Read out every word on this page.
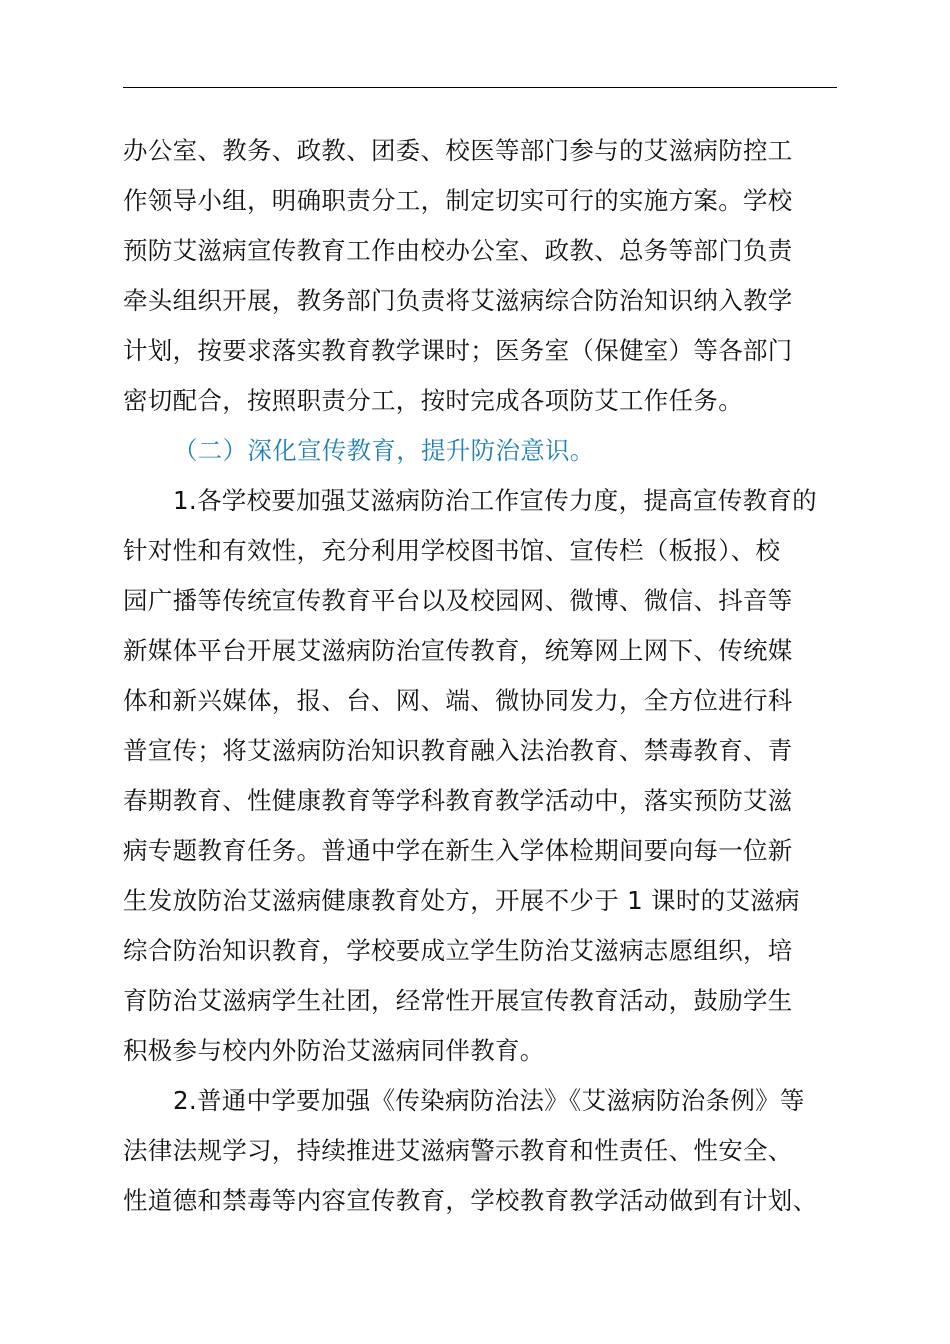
办公室、教务、政教、团委、校医等部门参与的艾滋病防控工
作领导小组，明确职责分工，制定切实可行的实施方案。学校
预防艾滋病宣传教育工作由校办公室、政教、总务等部门负责
牵头组织开展，教务部门负责将艾滋病综合防治知识纳入教学
计划，按要求落实教育教学课时；医务室（保健室）等各部门
密切配合，按照职责分工，按时完成各项防艾工作任务。
（二）深化宣传教育，提升防治意识。
1.各学校要加强艾滋病防治工作宣传力度，提高宣传教育的
针对性和有效性，充分利用学校图书馆、宣传栏（板报）、校
园广播等传统宣传教育平台以及校园网、微博、微信、抖音等
新媒体平台开展艾滋病防治宣传教育，统筹网上网下、传统媒
体和新兴媒体，报、台、网、端、微协同发力，全方位进行科
普宣传；将艾滋病防治知识教育融入法治教育、禁毒教育、青
春期教育、性健康教育等学科教育教学活动中，落实预防艾滋
病专题教育任务。普通中学在新生入学体检期间要向每一位新
生发放防治艾滋病健康教育处方，开展不少于 1 课时的艾滋病
综合防治知识教育，学校要成立学生防治艾滋病志愿组织，培
育防治艾滋病学生社团，经常性开展宣传教育活动，鼓励学生
积极参与校内外防治艾滋病同伴教育。
2.普通中学要加强《传染病防治法》《艾滋病防治条例》等
法律法规学习，持续推进艾滋病警示教育和性责任、性安全、
性道德和禁毒等内容宣传教育，学校教育教学活动做到有计划、
